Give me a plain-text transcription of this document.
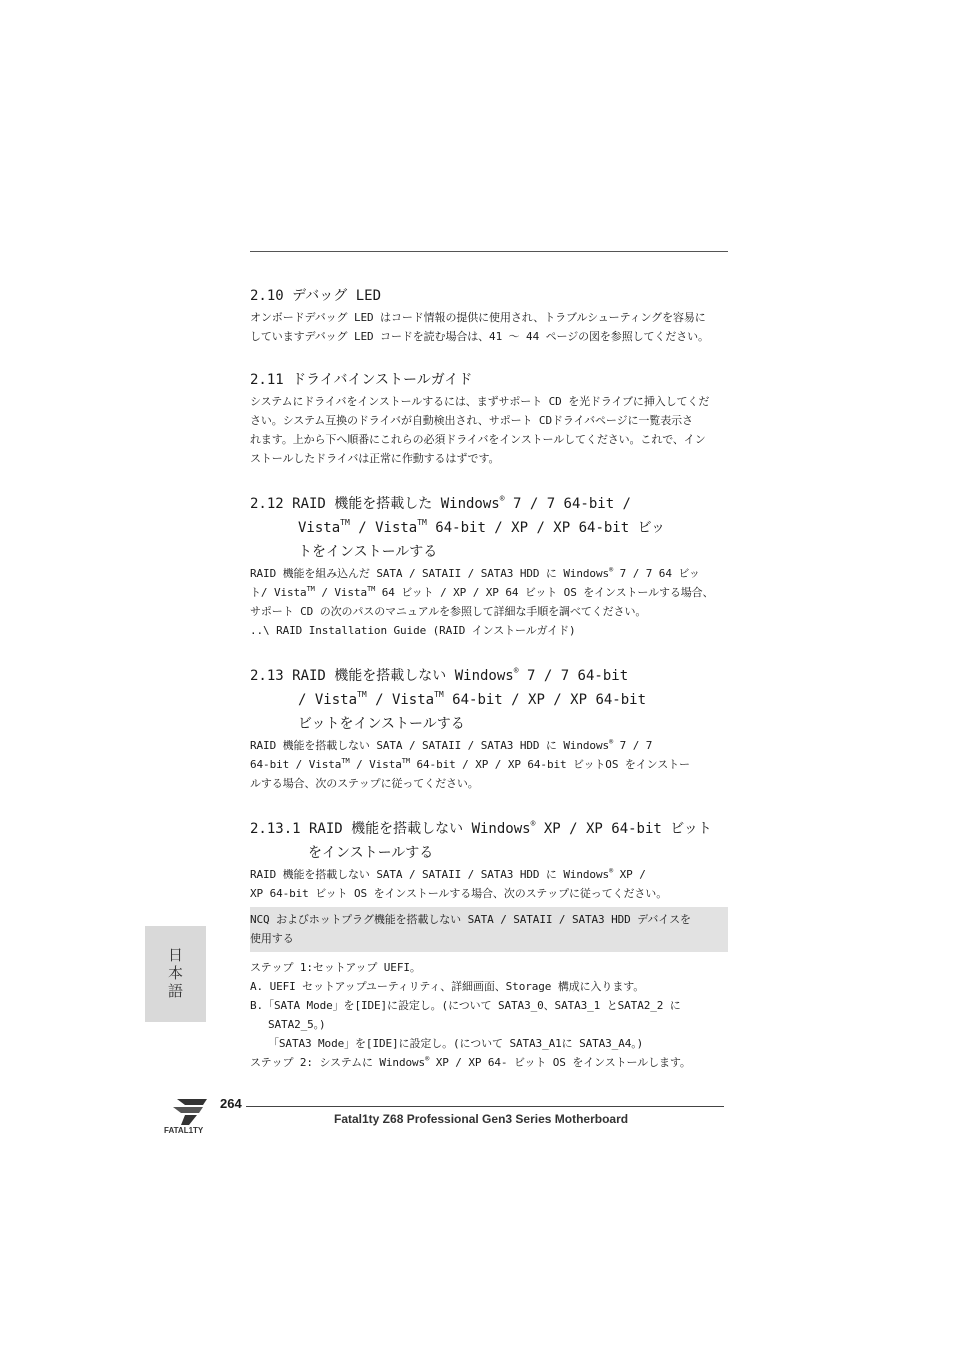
2.10 デバッグ LED

オンボードデバッグ LED はコード情報の提供に使用され、トラブルシューティングを容易に

していますデバッグ LED コードを読む場合は、41 ～ 44 ページの図を参照してください。

2.11 ドライバインストールガイド

システムにドライバをインストールするには、まずサポート CD を光ドライブに挿入してくだ

さい。システム互換のドライバが自動検出され、サポート CDドライバページに一覧表示さ

れます。上から下へ順番にこれらの必須ドライバをインストールしてください。これで、イン

ストールしたドライバは正常に作動するはずです。

2.12 RAID 機能を搭載した Windows® 7 / 7 64-bit /
Vista™ / Vista™ 64-bit / XP / XP 64-bit ビッ
トをインストールする

RAID 機能を組み込んだ SATA / SATAII / SATA3 HDD に Windows® 7 / 7 64 ビッ

ト/ Vista™ / Vista™ 64 ビット / XP / XP 64 ビット OS をインストールする場合、

サポート CD の次のパスのマニュアルを参照して詳細な手順を調べてください。

..\ RAID Installation Guide (RAID インストールガイド)

2.13 RAID 機能を搭載しない Windows® 7 / 7 64-bit
/ Vista™ / Vista™ 64-bit / XP / XP 64-bit
ビットをインストールする

RAID 機能を搭載しない SATA / SATAII / SATA3 HDD に Windows® 7 / 7

64-bit / Vista™ / Vista™ 64-bit / XP / XP 64-bit ビットOS をインストー

ルする場合、次のステップに従ってください。

2.13.1 RAID 機能を搭載しない Windows® XP / XP 64-bit ビット
をインストールする

RAID 機能を搭載しない SATA / SATAII / SATA3 HDD に Windows® XP /

XP 64-bit ビット OS をインストールする場合、次のステップに従ってください。

NCQ およびホットプラグ機能を搭載しない SATA / SATAII / SATA3 HDD デバイスを

使用する

ステップ 1:セットアップ UEFI。

A. UEFI セットアップユーティリティ、詳細画面、Storage 構成に入ります。

B.「SATA Mode」を[IDE]に設定し。(について SATA3_0、SATA3_1 とSATA2_2 に

SATA2_5。)

「SATA3 Mode」を[IDE]に設定し。(について SATA3_A1に SATA3_A4。)

ステップ 2: システムに Windows® XP / XP 64- ビット OS をインストールします。

日本語
FATAL1TY
264
Fatal1ty Z68 Professional Gen3 Series Motherboard
